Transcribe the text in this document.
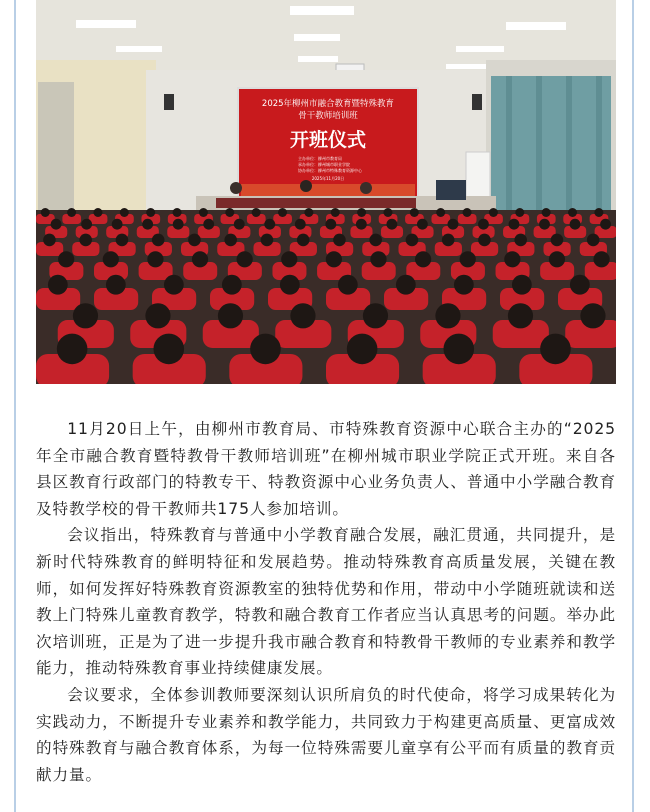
2025年柳州市融合教育暨特殊教育
骨干教师培训班
开班仪式
主办单位：柳州市教育局
承办单位：柳州城市职业学院
协办单位：柳州市特殊教育资源中心
2025年11月20日

11月20日上午，由柳州市教育局、市特殊教育资源中心联合主办的“2025年全市融合教育暨特教骨干教师培训班”在柳州城市职业学院正式开班。来自各县区教育行政部门的特教专干、特教资源中心业务负责人、普通中小学融合教育及特教学校的骨干教师共175人参加培训。

会议指出，特殊教育与普通中小学教育融合发展，融汇贯通，共同提升，是新时代特殊教育的鲜明特征和发展趋势。推动特殊教育高质量发展，关键在教师，如何发挥好特殊教育资源教室的独特优势和作用，带动中小学随班就读和送教上门特殊儿童教育教学，特教和融合教育工作者应当认真思考的问题。举办此次培训班，正是为了进一步提升我市融合教育和特教骨干教师的专业素养和教学能力，推动特殊教育事业持续健康发展。

会议要求，全体参训教师要深刻认识所肩负的时代使命，将学习成果转化为实践动力，不断提升专业素养和教学能力，共同致力于构建更高质量、更富成效的特殊教育与融合教育体系，为每一位特殊需要儿童享有公平而有质量的教育贡献力量。
